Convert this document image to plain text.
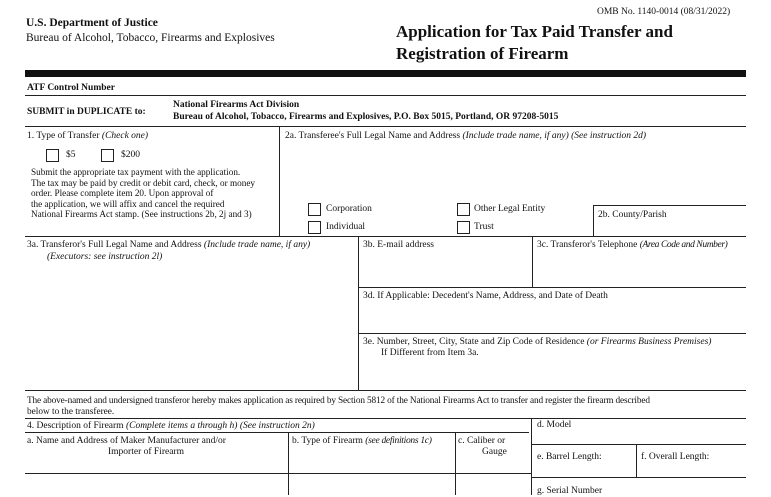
OMB No. 1140-0014 (08/31/2022)
U.S. Department of Justice
Bureau of Alcohol, Tobacco, Firearms and Explosives	Application for Tax Paid Transfer and
Registration of Firearm
ATF Control Number
SUBMIT in DUPLICATE to:
National Firearms Act Division
Bureau of Alcohol, Tobacco, Firearms and Explosives, P.O. Box 5015, Portland, OR 97208-5015
1. Type of Transfer (Check one)
$5	$200
Submit the appropriate tax payment with the application.
The tax may be paid by credit or debit card, check, or money
order. Please complete item 20. Upon approval of
the application, we will affix and cancel the required
National Firearms Act stamp. (See instructions 2b, 2j and 3)
2a. Transferee's Full Legal Name and Address (Include trade name, if any) (See instruction 2d)
Corporation	Other Legal Entity
Individual	Trust
2b. County/Parish
3a. Transferor's Full Legal Name and Address (Include trade name, if any)
(Executors: see instruction 2l)
3b. E-mail address	3c. Transferor's Telephone (Area Code and Number)
3d. If Applicable: Decedent's Name, Address, and Date of Death
3e. Number, Street, City, State and Zip Code of Residence (or Firearms Business Premises)
If Different from Item 3a.
The above-named and undersigned transferor hereby makes application as required by Section 5812 of the National Firearms Act to transfer and register the firearm described
below to the transferee.
4. Description of Firearm (Complete items a through h) (See instruction 2n)
a. Name and Address of Maker Manufacturer and/or
Importer of Firearm
b. Type of Firearm (see definitions 1c)	c. Caliber or
Gauge
d. Model
e. Barrel Length:	f. Overall Length:
g. Serial Number
